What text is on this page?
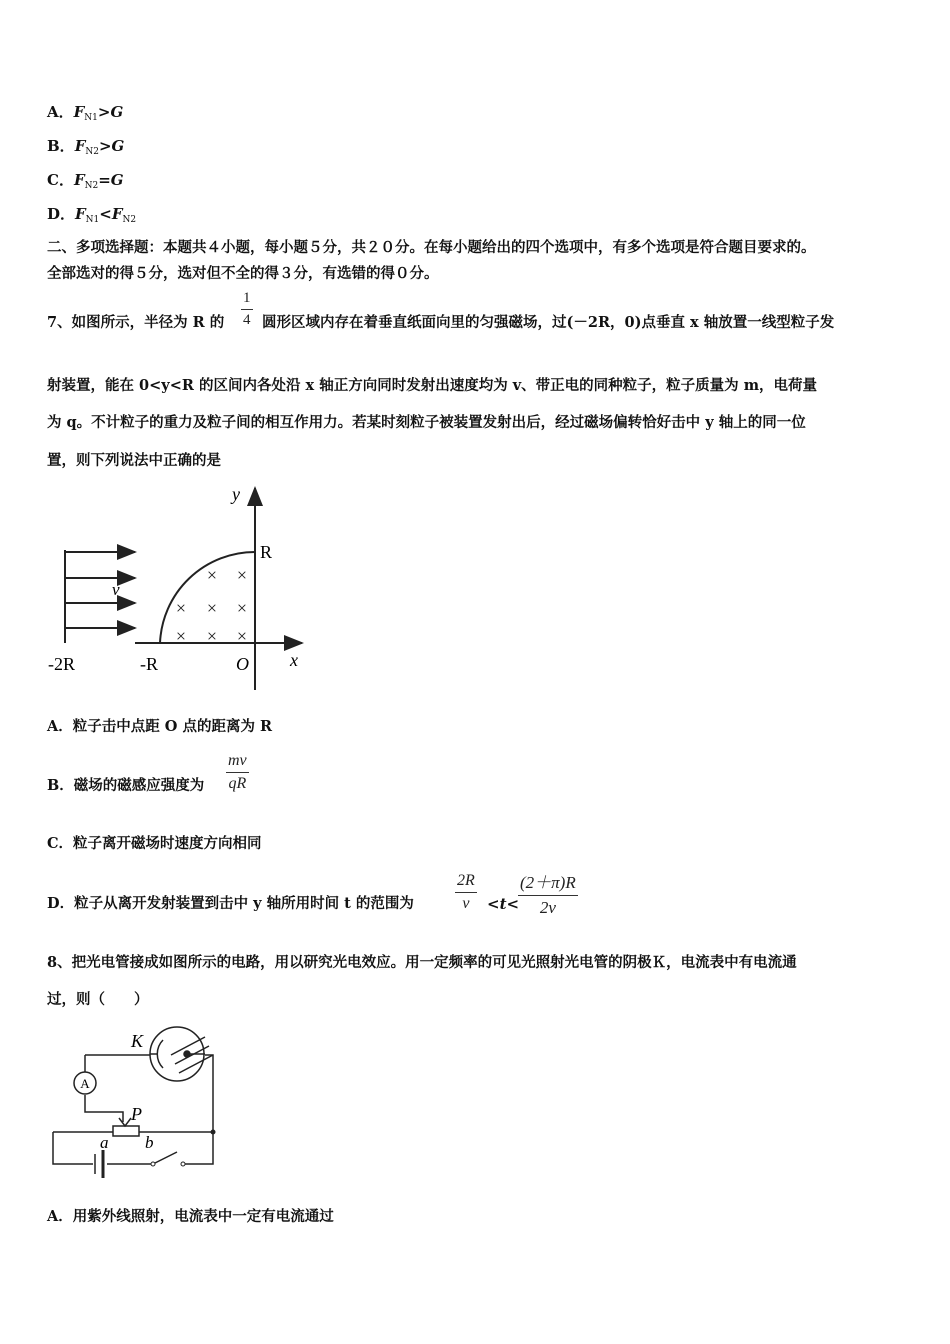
A．$F_{N1}>G$
B．$F_{N2}>G$
C．$F_{N2}=G$
D．$F_{N1}<F_{N2}$
二、多项选择题：本题共４小题，每小题５分，共２０分。在每小题给出的四个选项中，有多个选项是符合题目要求的。
全部选对的得５分，选对但不全的得３分，有选错的得０分。
7、如图所示，半径为 R 的
1
4 圆形区域内存在着垂直纸面向里的匀强磁场，过(－2R，0)点垂直 x 轴放置一线型粒子发
射装置，能在 0<y<R 的区间内各处沿 x 轴正方向同时发射出速度均为 v、带正电的同种粒子，粒子质量为 m，电荷量
为 q。不计粒子的重力及粒子间的相互作用力。若某时刻粒子被装置发射出后，经过磁场偏转恰好击中 y 轴上的同一位
置，则下列说法中正确的是
× ×
× × ×
× × ×
y
x
O
R
-R
-2R
v
A．粒子击中点距 O 点的距离为 R
B．磁场的磁感应强度为
mv
qR
C．粒子离开磁场时速度方向相同
D．粒子从离开发射装置到击中 y 轴所用时间 t 的范围为
2R
v	<t<
(2＋π)R
2v
8、把光电管接成如图所示的电路，用以研究光电效应。用一定频率的可见光照射光电管的阴极Ｋ，电流表中有电流通
过，则（　　）
A
K
P
a b
A．用紫外线照射，电流表中一定有电流通过
